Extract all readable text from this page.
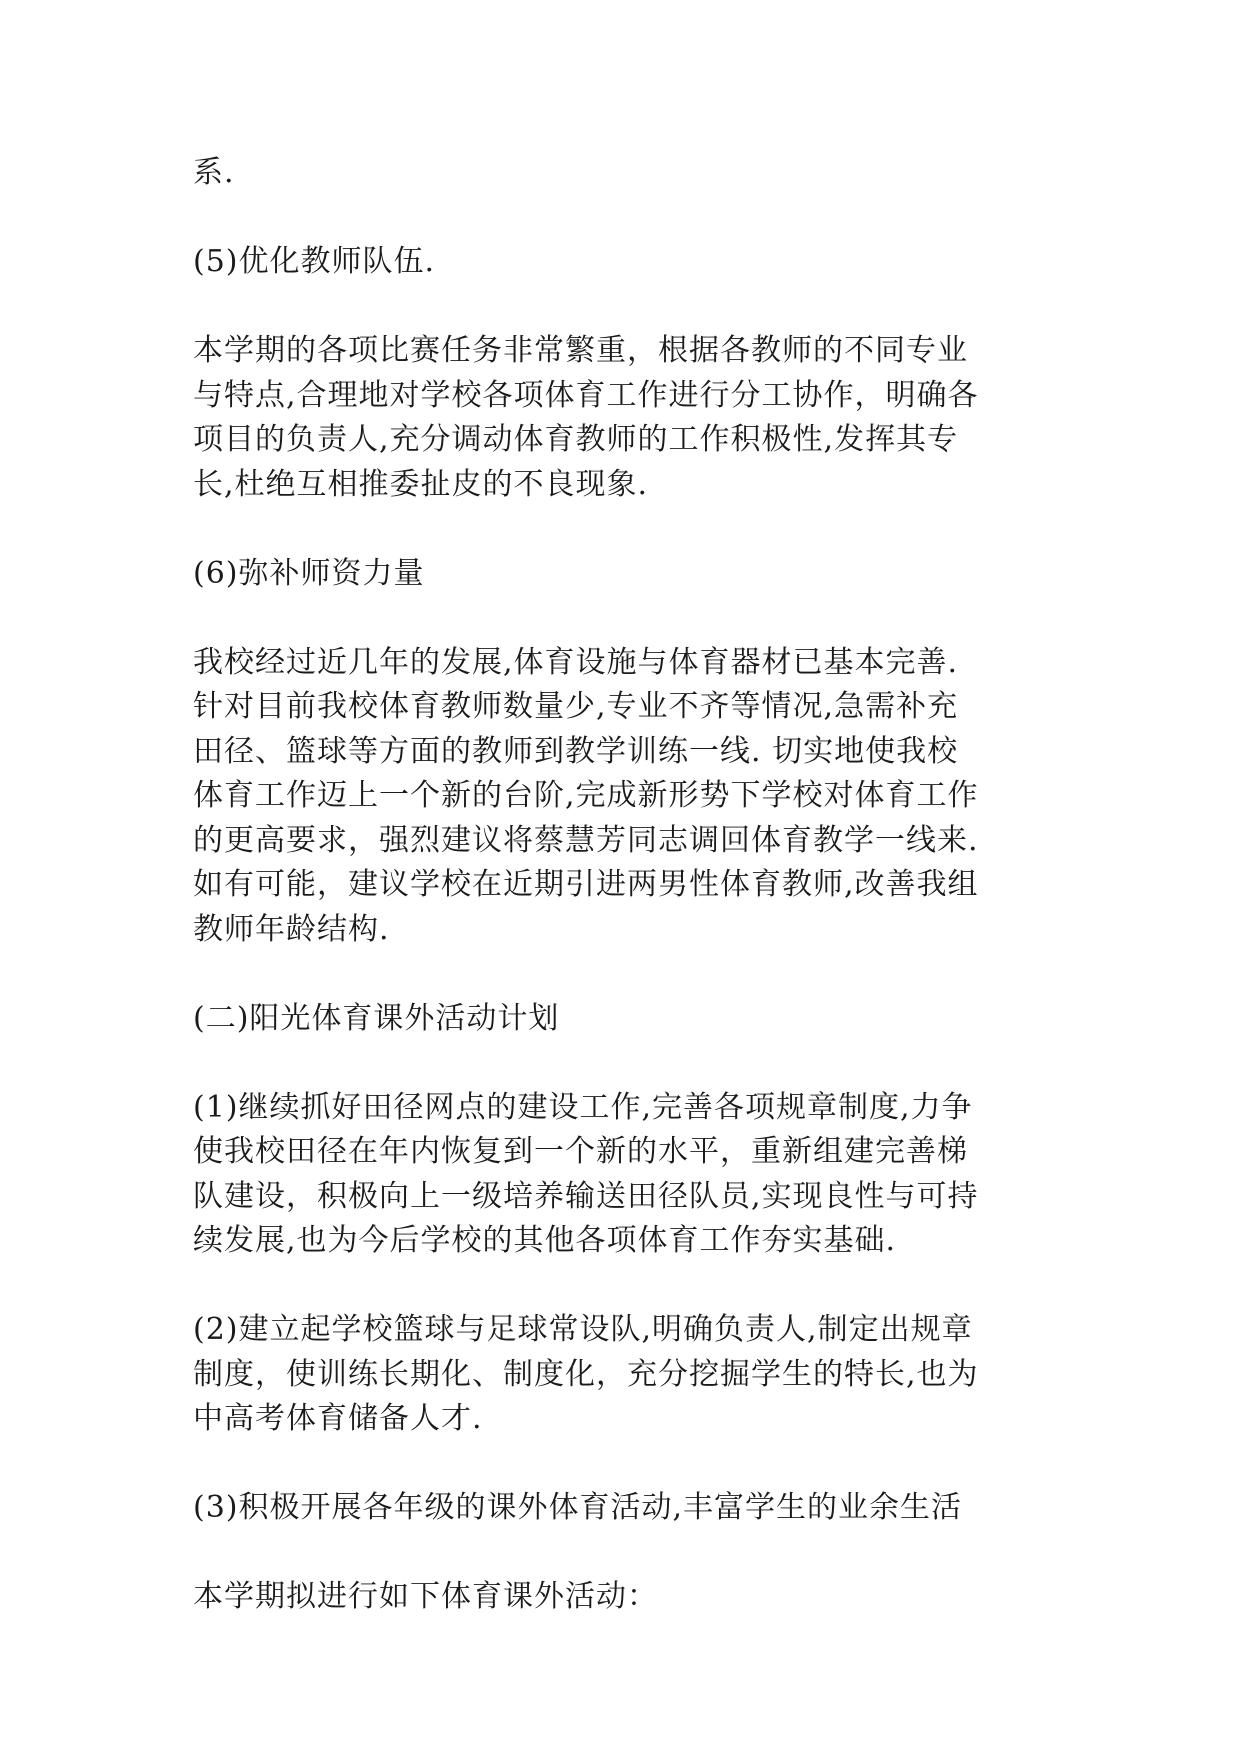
系.

(5)优化教师队伍.

本学期的各项比赛任务非常繁重，根据各教师的不同专业
与特点,合理地对学校各项体育工作进行分工协作，明确各
项目的负责人,充分调动体育教师的工作积极性,发挥其专
长,杜绝互相推委扯皮的不良现象.

(6)弥补师资力量

我校经过近几年的发展,体育设施与体育器材已基本完善.
针对目前我校体育教师数量少,专业不齐等情况,急需补充
田径、篮球等方面的教师到教学训练一线. 切实地使我校
体育工作迈上一个新的台阶,完成新形势下学校对体育工作
的更高要求，强烈建议将蔡慧芳同志调回体育教学一线来.
如有可能，建议学校在近期引进两男性体育教师,改善我组
教师年龄结构.

(二)阳光体育课外活动计划

(1)继续抓好田径网点的建设工作,完善各项规章制度,力争
使我校田径在年内恢复到一个新的水平，重新组建完善梯
队建设，积极向上一级培养输送田径队员,实现良性与可持
续发展,也为今后学校的其他各项体育工作夯实基础.

(2)建立起学校篮球与足球常设队,明确负责人,制定出规章
制度，使训练长期化、制度化，充分挖掘学生的特长,也为
中高考体育储备人才.

(3)积极开展各年级的课外体育活动,丰富学生的业余生活

本学期拟进行如下体育课外活动：
